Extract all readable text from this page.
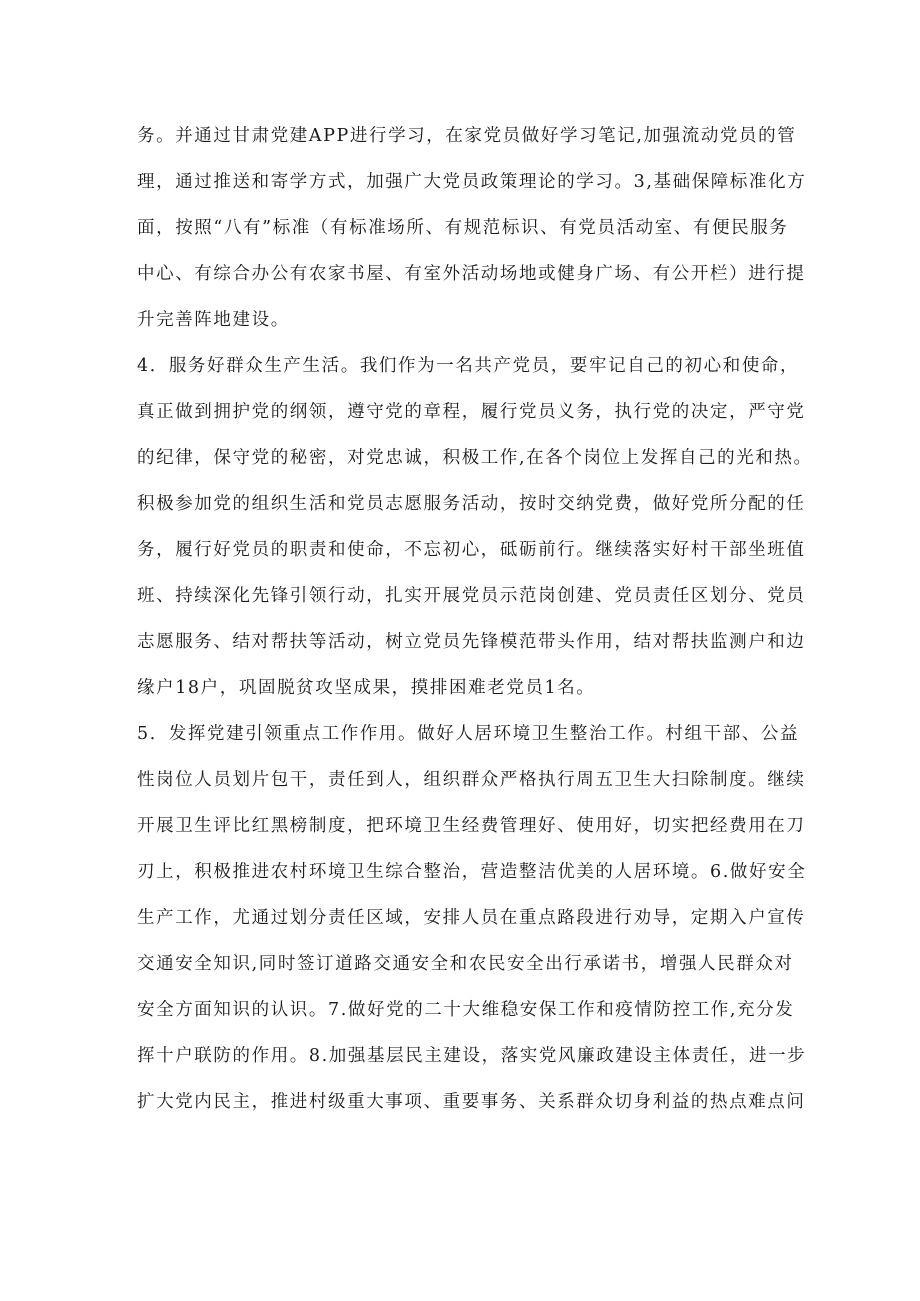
务。并通过甘肃党建APP进行学习，在家党员做好学习笔记,加强流动党员的管
理，通过推送和寄学方式，加强广大党员政策理论的学习。3,基础保障标准化方
面，按照“八有”标准（有标准场所、有规范标识、有党员活动室、有便民服务
中心、有综合办公有农家书屋、有室外活动场地或健身广场、有公开栏）进行提
升完善阵地建设。
4．服务好群众生产生活。我们作为一名共产党员，要牢记自己的初心和使命，
真正做到拥护党的纲领，遵守党的章程，履行党员义务，执行党的决定，严守党
的纪律，保守党的秘密，对党忠诚，积极工作,在各个岗位上发挥自己的光和热。
积极参加党的组织生活和党员志愿服务活动，按时交纳党费，做好党所分配的任
务，履行好党员的职责和使命，不忘初心，砥砺前行。继续落实好村干部坐班值
班、持续深化先锋引领行动，扎实开展党员示范岗创建、党员责任区划分、党员
志愿服务、结对帮扶等活动，树立党员先锋模范带头作用，结对帮扶监测户和边
缘户18户，巩固脱贫攻坚成果，摸排困难老党员1名。
5．发挥党建引领重点工作作用。做好人居环境卫生整治工作。村组干部、公益
性岗位人员划片包干，责任到人，组织群众严格执行周五卫生大扫除制度。继续
开展卫生评比红黑榜制度，把环境卫生经费管理好、使用好，切实把经费用在刀
刃上，积极推进农村环境卫生综合整治，营造整洁优美的人居环境。6.做好安全
生产工作，尤通过划分责任区域，安排人员在重点路段进行劝导，定期入户宣传
交通安全知识,同时签订道路交通安全和农民安全出行承诺书，增强人民群众对
安全方面知识的认识。7.做好党的二十大维稳安保工作和疫情防控工作,充分发
挥十户联防的作用。8.加强基层民主建设，落实党风廉政建设主体责任，进一步
扩大党内民主，推进村级重大事项、重要事务、关系群众切身利益的热点难点问
